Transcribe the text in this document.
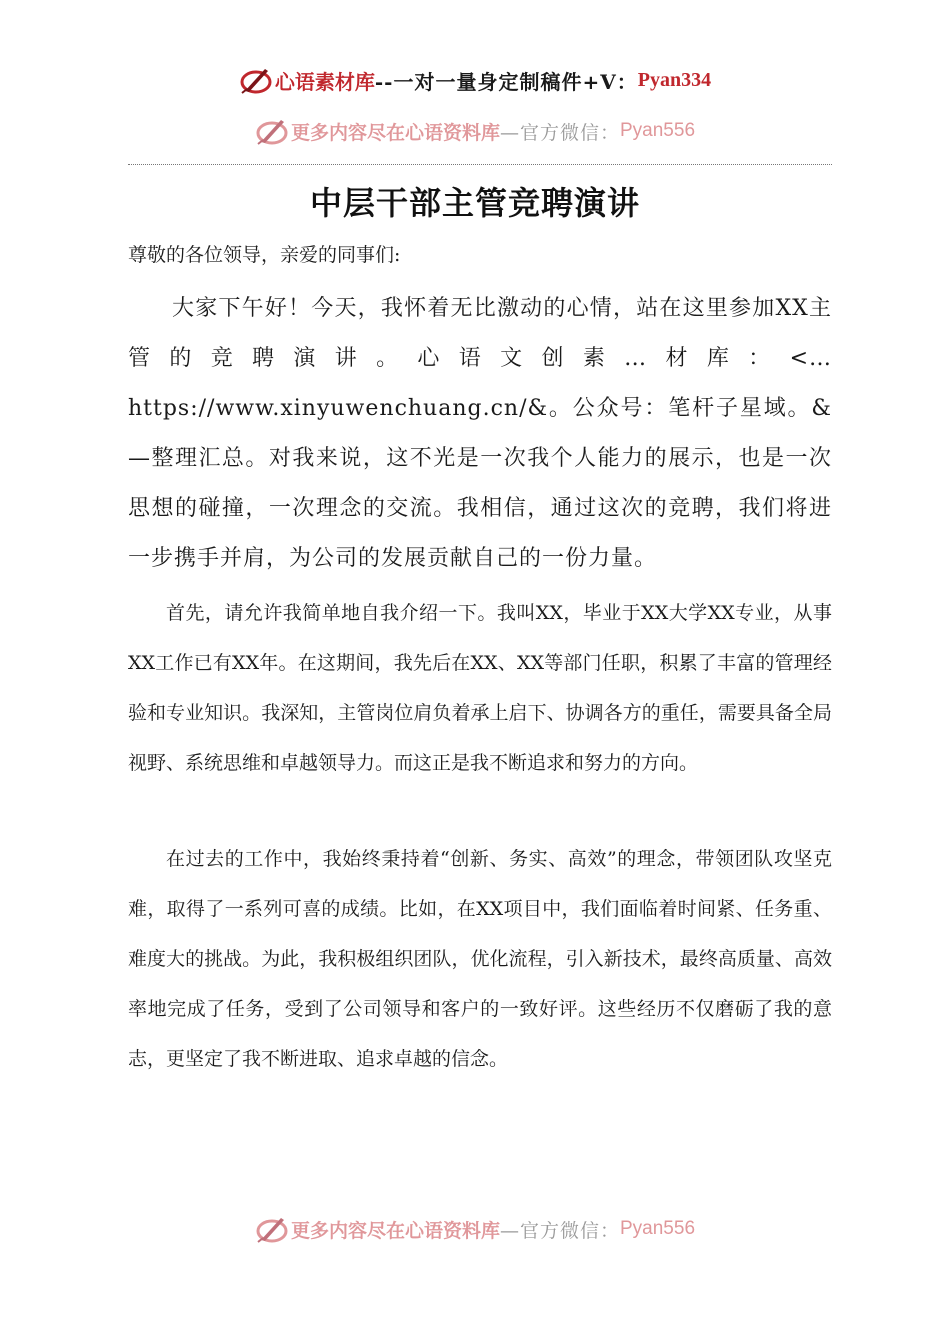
心语素材库 --一对一量身定制稿件+V： Pyan334
更多内容尽在心语资料库 —官方微信： Pyan556
中层干部主管竞聘演讲
尊敬的各位领导，亲爱的同事们:

大家下午好！今天，我怀着无比激动的心情，站在这里参加XX主管的竞聘演讲。心语文创素…材库：<…https://www.xinyuwenchuang.cn/&。公众号：笔杆子星域。&—整理汇总。对我来说，这不光是一次我个人能力的展示，也是一次思想的碰撞，一次理念的交流。我相信，通过这次的竞聘，我们将进一步携手并肩，为公司的发展贡献自己的一份力量。

首先，请允许我简单地自我介绍一下。我叫XX，毕业于XX大学XX专业，从事XX工作已有XX年。在这期间，我先后在XX、XX等部门任职，积累了丰富的管理经验和专业知识。我深知，主管岗位肩负着承上启下、协调各方的重任，需要具备全局视野、系统思维和卓越领导力。而这正是我不断追求和努力的方向。

在过去的工作中，我始终秉持着“创新、务实、高效”的理念，带领团队攻坚克难，取得了一系列可喜的成绩。比如，在XX项目中，我们面临着时间紧、任务重、难度大的挑战。为此，我积极组织团队，优化流程，引入新技术，最终高质量、高效率地完成了任务，受到了公司领导和客户的一致好评。这些经历不仅磨砺了我的意志，更坚定了我不断进取、追求卓越的信念。

更多内容尽在心语资料库 —官方微信： Pyan556
